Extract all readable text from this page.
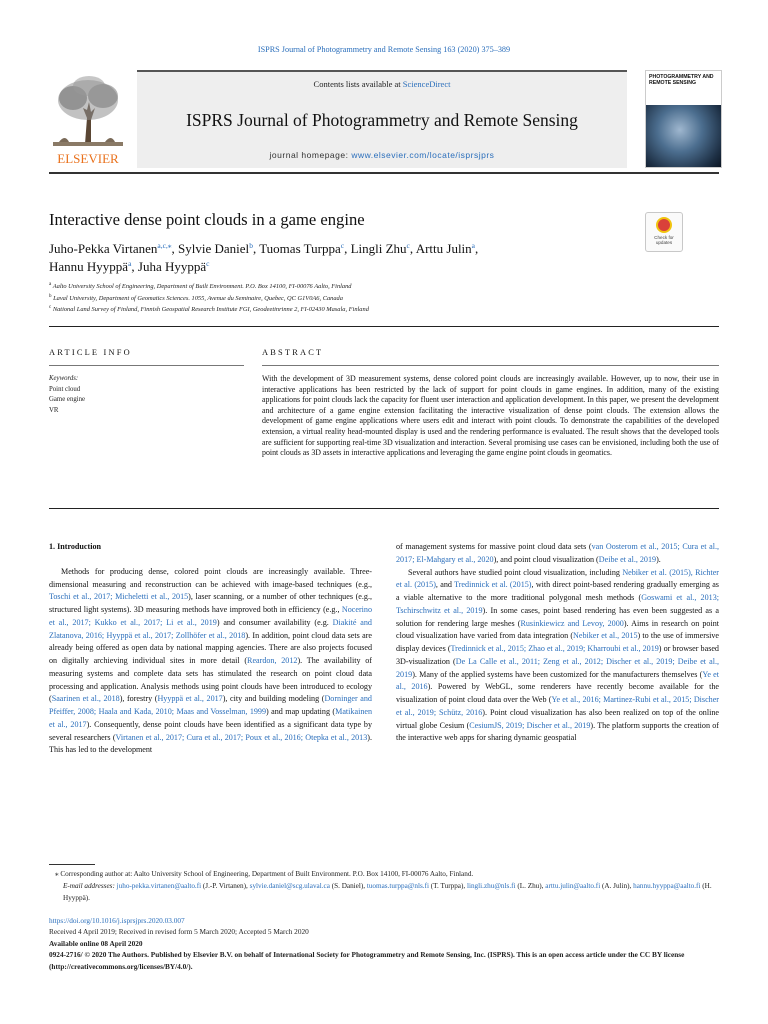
ISPRS Journal of Photogrammetry and Remote Sensing 163 (2020) 375–389
ELSEVIER
Contents lists available at ScienceDirect
ISPRS Journal of Photogrammetry and Remote Sensing
journal homepage: www.elsevier.com/locate/isprsjprs
PHOTOGRAMMETRY AND REMOTE SENSING
Interactive dense point clouds in a game engine
Check for updates
Juho-Pekka Virtanen$^{a,c,⁎}$, Sylvie Daniel$^b$, Tuomas Turppa$^c$, Lingli Zhu$^c$, Arttu Julin$^a$,
Hannu Hyyppä$^a$, Juha Hyyppä$^c$
$^a$ Aalto University School of Engineering, Department of Built Environment. P.O. Box 14100, FI-00076 Aalto, Finland
$^b$ Laval University, Department of Geomatics Sciences. 1055, Avenue du Seminaire, Quebec, QC G1V0A6, Canada
$^c$ National Land Survey of Finland, Finnish Geospatial Research Institute FGI, Geodeetinrinne 2, FI-02430 Masala, Finland
ARTICLE INFO	ABSTRACT
Keywords:
Point cloud
Game engine
VR
With the development of 3D measurement systems, dense colored point clouds are increasingly available. However, up to now, their use in interactive applications has been restricted by the lack of support for point clouds in game engines. In addition, many of the existing applications for point clouds lack the capacity for fluent user interaction and application development. In this paper, we present the development and architecture of a game engine extension facilitating the interactive visualization of dense point clouds. The extension allows the development of game engine applications where users edit and interact with point clouds. To demonstrate the capabilities of the developed extension, a virtual reality head-mounted display is used and the rendering performance is evaluated. The result shows that the developed tools are sufficient for supporting real-time 3D visualization and interaction. Several promising use cases can be envisioned, including both the use of point clouds as 3D assets in interactive applications and leveraging the game engine point clouds in geomatics.
1. Introduction

Methods for producing dense, colored point clouds are increasingly available. Three-dimensional measuring and reconstruction can be achieved with image-based techniques (e.g., Toschi et al., 2017; Micheletti et al., 2015), laser scanning, or a number of other techniques (e.g., structured light systems). 3D measuring methods have improved both in efficiency (e.g., Nocerino et al., 2017; Kukko et al., 2017; Li et al., 2019) and consumer availability (e.g. Diakité and Zlatanova, 2016; Hyyppä et al., 2017; Zollhöfer et al., 2018). In addition, point cloud data sets are already being offered as open data by national mapping agencies. There are also projects focused on digitally archieving individual sites in more detail (Reardon, 2012). The availability of measuring systems and complete data sets has stimulated the research on point cloud data processing and application. Analysis methods using point clouds have been introduced to ecology (Saarinen et al., 2018), forestry (Hyyppä et al., 2017), city and building modeling (Dorninger and Pfeiffer, 2008; Haala and Kada, 2010; Maas and Vosselman, 1999) and map updating (Matikainen et al., 2017). Consequently, dense point clouds have been identified as a significant data type by several researchers (Virtanen et al., 2017; Cura et al., 2017; Poux et al., 2016; Otepka et al., 2013). This has led to the development

of management systems for massive point cloud data sets (van Oosterom et al., 2015; Cura et al., 2017; El-Mahgary et al., 2020), and point cloud visualization (Deibe et al., 2019).

Several authors have studied point cloud visualization, including Nebiker et al. (2015), Richter et al. (2015), and Tredinnick et al. (2015), with direct point-based rendering gradually emerging as a viable alternative to the more traditional polygonal mesh methods (Goswami et al., 2013; Tschirschwitz et al., 2019). In some cases, point based rendering has even been suggested as a solution for rendering large meshes (Rusinkiewicz and Levoy, 2000). Aims in research on point cloud visualization have varied from data integration (Nebiker et al., 2015) to the use of immersive display devices (Tredinnick et al., 2015; Zhao et al., 2019; Kharroubi et al., 2019) or browser based 3D-visualization (De La Calle et al., 2011; Zeng et al., 2012; Discher et al., 2019; Deibe et al., 2019). Many of the applied systems have been customized for the manufacturers themselves (Ye et al., 2016). Powered by WebGL, some renderers have recently become available for the visualization of point cloud data over the Web (Ye et al., 2016; Martinez-Rubi et al., 2015; Discher et al., 2019; Schütz, 2016). Point cloud visualization has also been realized on top of the online virtual globe Cesium (CesiumJS, 2019; Discher et al., 2019). The platform supports the creation of the interactive web apps for sharing dynamic geospatial

⁎ Corresponding author at: Aalto University School of Engineering, Department of Built Environment. P.O. Box 14100, FI-00076 Aalto, Finland.
E-mail addresses: juho-pekka.virtanen@aalto.fi (J.-P. Virtanen), sylvie.daniel@scg.ulaval.ca (S. Daniel), tuomas.turppa@nls.fi (T. Turppa), lingli.zhu@nls.fi (L. Zhu), arttu.julin@aalto.fi (A. Julin), hannu.hyyppa@aalto.fi (H. Hyyppä).
https://doi.org/10.1016/j.isprsjprs.2020.03.007
Received 4 April 2019; Received in revised form 5 March 2020; Accepted 5 March 2020
Available online 08 April 2020
0924-2716/ © 2020 The Authors. Published by Elsevier B.V. on behalf of International Society for Photogrammetry and Remote Sensing, Inc. (ISPRS). This is an open access article under the CC BY license (http://creativecommons.org/licenses/BY/4.0/).
